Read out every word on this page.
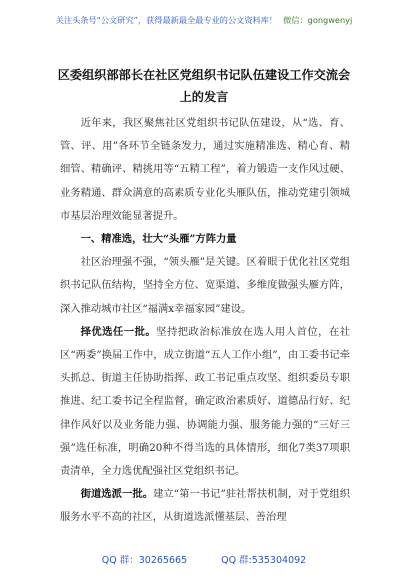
关注头条号“公文研究”，获得最新最全最专业的公文资料库！ 微信：gongwenyj
区委组织部部长在社区党组织书记队伍建设工作交流会上的发言

近年来，我区聚焦社区党组织书记队伍建设，从“选、育、管、评、用”各环节全链条发力，通过实施精准选、精心育、精细管、精确评、精挑用等“五精工程”，着力锻造一支作风过硬、业务精通、群众满意的高素质专业化头雁队伍，推动党建引领城市基层治理效能显著提升。

一、精准选，壮大“头雁”方阵力量

社区治理强不强，“领头雁”是关键。区着眼于优化社区党组织书记队伍结构，坚持全方位、宽渠道、多维度做强头雁方阵，深入推动城市社区“福满x幸福家园”建设。

择优选任一批。坚持把政治标准放在选人用人首位，在社区“两委”换届工作中，成立街道“五人工作小组”，由工委书记牵头抓总、街道主任协助指挥、政工书记重点攻坚、组织委员专职推进、纪工委书记全程监督，确定政治素质好、道德品行好、纪律作风好以及业务能力强、协调能力强、服务能力强的“三好三强”选任标准，明确20种不得当选的具体情形，细化7类37项职责清单，全力选优配强社区党组织书记。

街道选派一批。建立“第一书记”驻社帮扶机制，对于党组织服务水平不高的社区，从街道选派懂基层、善治理

QQ 群：30265665	QQ 群:535304092
